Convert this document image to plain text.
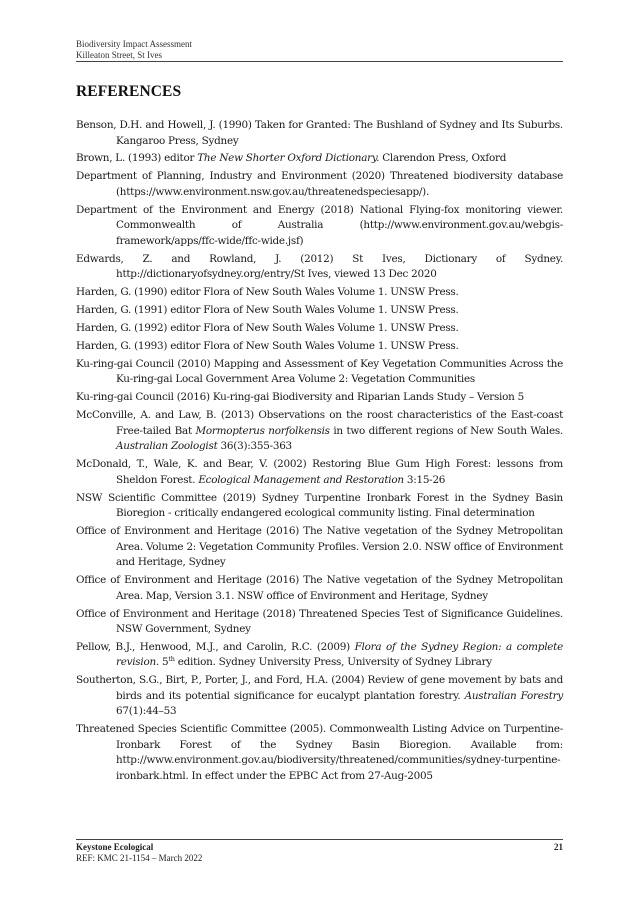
Biodiversity Impact Assessment
Killeaton Street, St Ives
REFERENCES

Benson, D.H. and Howell, J. (1990) Taken for Granted: The Bushland of Sydney and Its Suburbs. Kangaroo Press, Sydney

Brown, L. (1993) editor The New Shorter Oxford Dictionary. Clarendon Press, Oxford

Department of Planning, Industry and Environment (2020) Threatened biodiversity database (https://www.environment.nsw.gov.au/threatenedspeciesapp/).

Department of the Environment and Energy (2018) National Flying-fox monitoring viewer. Commonwealth of Australia (http://www.environment.gov.au/webgis-framework/apps/ffc-wide/ffc-wide.jsf)

Edwards, Z. and Rowland, J. (2012) St Ives, Dictionary of Sydney. http://dictionaryofsydney.org/entry/St Ives, viewed 13 Dec 2020

Harden, G. (1990) editor Flora of New South Wales Volume 1. UNSW Press.

Harden, G. (1991) editor Flora of New South Wales Volume 1. UNSW Press.

Harden, G. (1992) editor Flora of New South Wales Volume 1. UNSW Press.

Harden, G. (1993) editor Flora of New South Wales Volume 1. UNSW Press.

Ku-ring-gai Council (2010) Mapping and Assessment of Key Vegetation Communities Across the Ku-ring-gai Local Government Area Volume 2: Vegetation Communities

Ku-ring-gai Council (2016) Ku-ring-gai Biodiversity and Riparian Lands Study – Version 5

McConville, A. and Law, B. (2013) Observations on the roost characteristics of the East-coast Free-tailed Bat Mormopterus norfolkensis in two different regions of New South Wales. Australian Zoologist 36(3):355-363

McDonald, T., Wale, K. and Bear, V. (2002) Restoring Blue Gum High Forest: lessons from Sheldon Forest. Ecological Management and Restoration 3:15-26

NSW Scientific Committee (2019) Sydney Turpentine Ironbark Forest in the Sydney Basin Bioregion - critically endangered ecological community listing. Final determination

Office of Environment and Heritage (2016) The Native vegetation of the Sydney Metropolitan Area. Volume 2: Vegetation Community Profiles. Version 2.0. NSW office of Environment and Heritage, Sydney

Office of Environment and Heritage (2016) The Native vegetation of the Sydney Metropolitan Area. Map, Version 3.1. NSW office of Environment and Heritage, Sydney

Office of Environment and Heritage (2018) Threatened Species Test of Significance Guidelines. NSW Government, Sydney

Pellow, B.J., Henwood, M.J., and Carolin, R.C. (2009) Flora of the Sydney Region: a complete revision. 5th edition. Sydney University Press, University of Sydney Library

Southerton, S.G., Birt, P., Porter, J., and Ford, H.A. (2004) Review of gene movement by bats and birds and its potential significance for eucalypt plantation forestry. Australian Forestry 67(1):44–53

Threatened Species Scientific Committee (2005). Commonwealth Listing Advice on Turpentine-Ironbark Forest of the Sydney Basin Bioregion. Available from: http://www.environment.gov.au/biodiversity/threatened/communities/sydney-turpentine-ironbark.html. In effect under the EPBC Act from 27-Aug-2005

Keystone Ecological
REF: KMC 21-1154 – March 2022
21
